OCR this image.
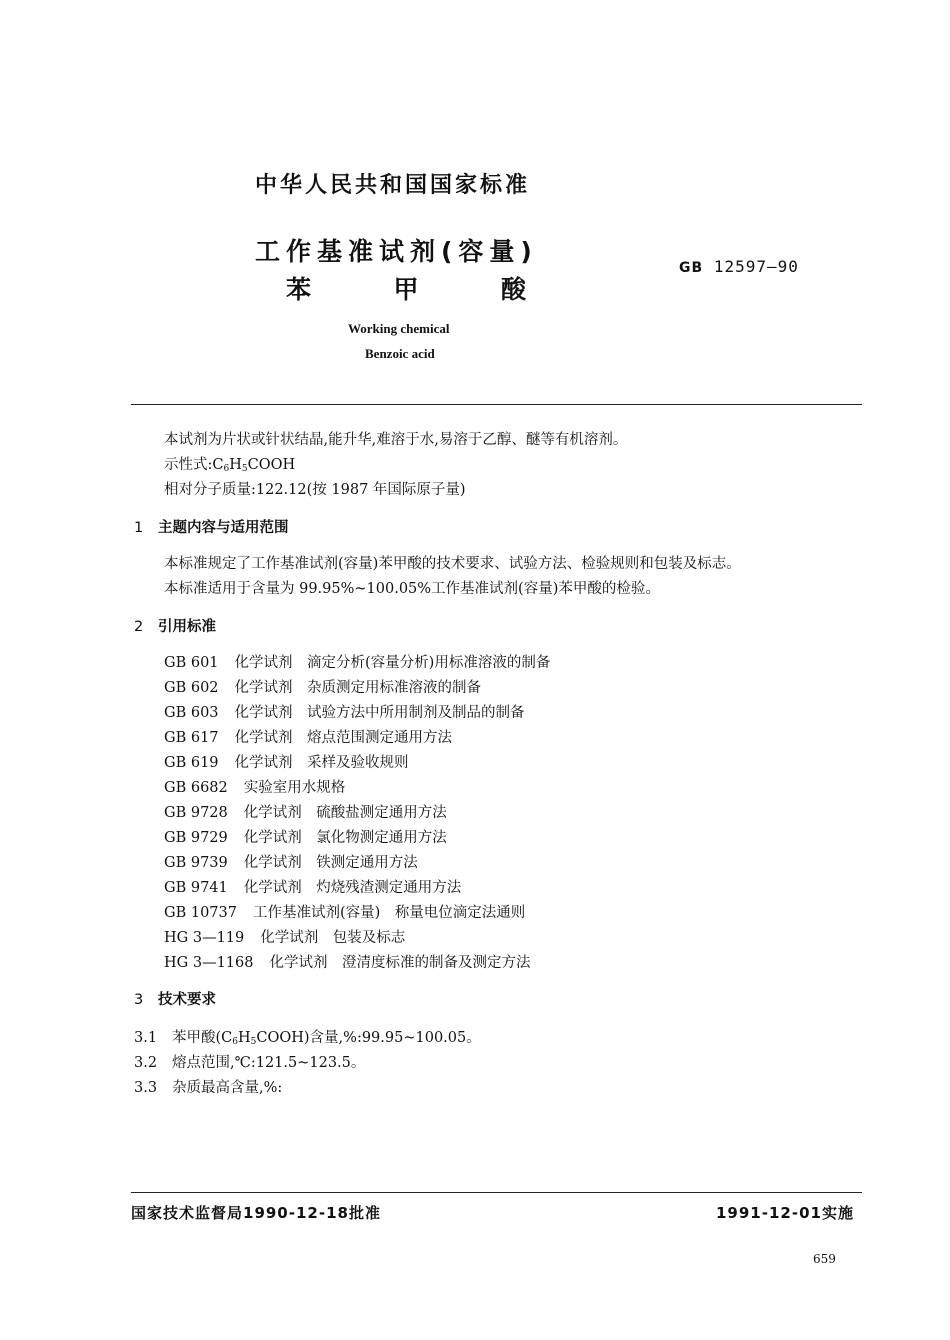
中华人民共和国国家标准
工作基准试剂(容量)
苯	甲	酸
GB 12597—90
Working chemical
Benzoic acid
本试剂为片状或针状结晶,能升华,难溶于水,易溶于乙醇、醚等有机溶剂。
示性式$:C_6H_5COOH$
相对分子质量:122.12(按 1987 年国际原子量)
1 主题内容与适用范围
本标准规定了工作基准试剂(容量)苯甲酸的技术要求、试验方法、检验规则和包装及标志。
本标准适用于含量为 99.95%~100.05%工作基准试剂(容量)苯甲酸的检验。
2 引用标准
GB 601 化学试剂　滴定分析(容量分析)用标准溶液的制备
GB 602 化学试剂　杂质测定用标准溶液的制备
GB 603 化学试剂　试验方法中所用制剂及制品的制备
GB 617 化学试剂　熔点范围测定通用方法
GB 619 化学试剂　采样及验收规则
GB 6682 实验室用水规格
GB 9728 化学试剂　硫酸盐测定通用方法
GB 9729 化学试剂　氯化物测定通用方法
GB 9739 化学试剂　铁测定通用方法
GB 9741 化学试剂　灼烧残渣测定通用方法
GB 10737 工作基准试剂(容量)　称量电位滴定法通则
HG 3—119 化学试剂　包装及标志
HG 3—1168 化学试剂　澄清度标准的制备及测定方法
3 技术要求
3.1 苯甲酸$(C_6H_5COOH)$含量,%:99.95~100.05。
3.2 熔点范围,℃:121.5~123.5。
3.3 杂质最高含量,%:
国家技术监督局1990-12-18批准	1991-12-01实施
659
